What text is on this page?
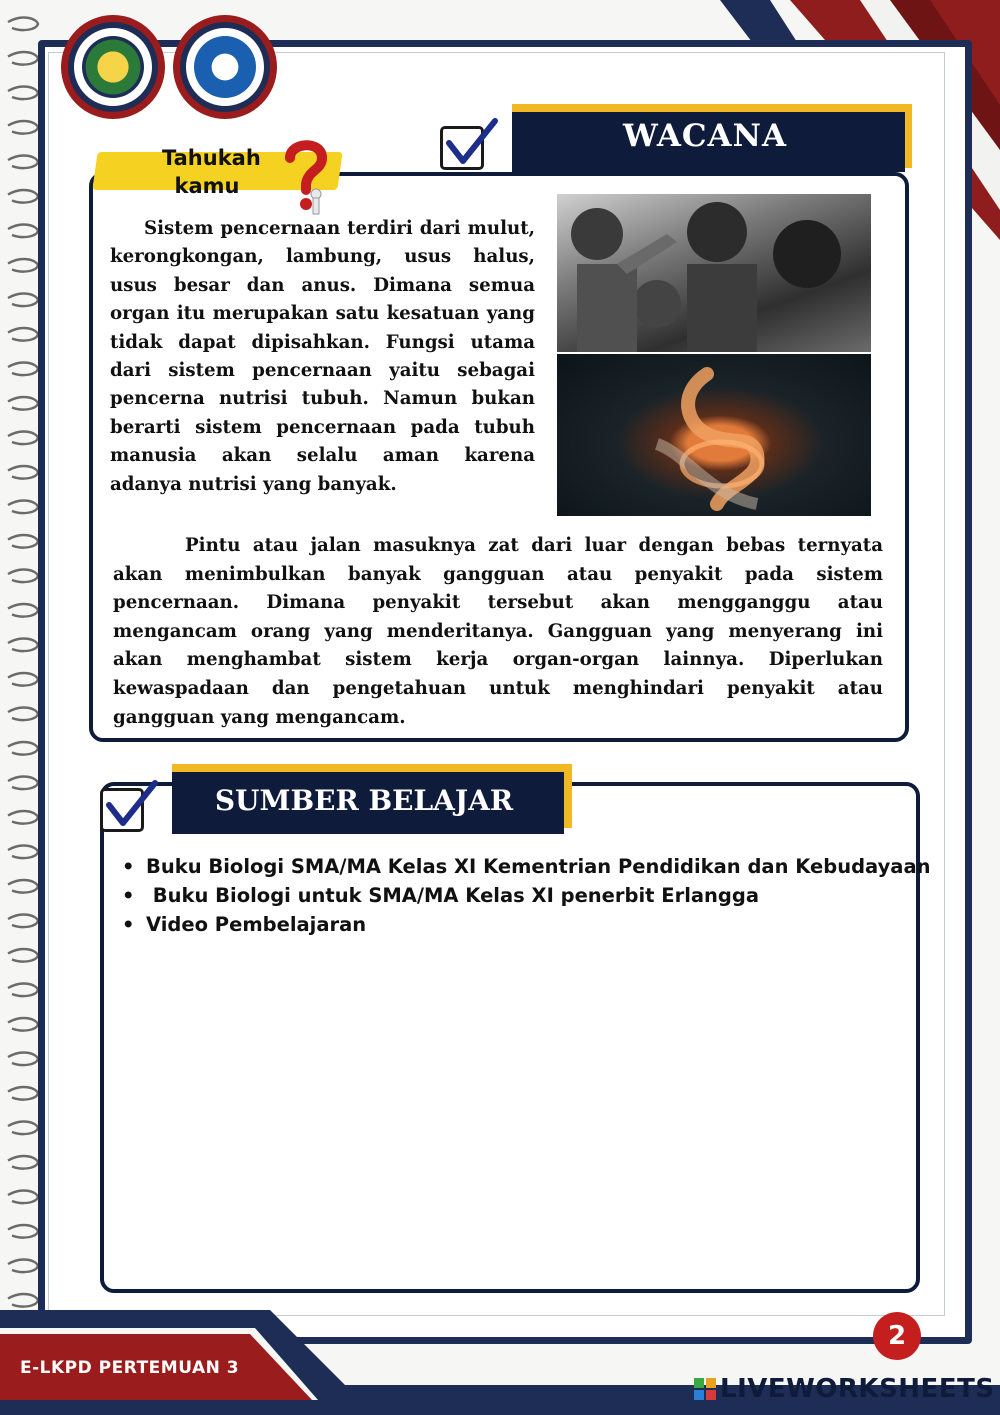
WACANA

Tahukah kamu

Sistem pencernaan terdiri dari mulut, kerongkongan, lambung, usus halus, usus besar dan anus. Dimana semua organ itu merupakan satu kesatuan yang tidak dapat dipisahkan. Fungsi utama dari sistem pencernaan yaitu sebagai pencerna nutrisi tubuh. Namun bukan berarti sistem pencernaan pada tubuh manusia akan selalu aman karena adanya nutrisi yang banyak.

Pintu atau jalan masuknya zat dari luar dengan bebas ternyata akan menimbulkan banyak gangguan atau penyakit pada sistem pencernaan. Dimana penyakit tersebut akan mengganggu atau mengancam orang yang menderitanya. Gangguan yang menyerang ini akan menghambat sistem kerja organ-organ lainnya. Diperlukan kewaspadaan dan pengetahuan untuk menghindari penyakit atau gangguan yang mengancam.

SUMBER BELAJAR
• Buku Biologi SMA/MA Kelas XI Kementrian Pendidikan dan Kebudayaan
• Buku Biologi untuk SMA/MA Kelas XI penerbit Erlangga
• Video Pembelajaran

E-LKPD PERTEMUAN 3

2

LIVEWORKSHEETS
